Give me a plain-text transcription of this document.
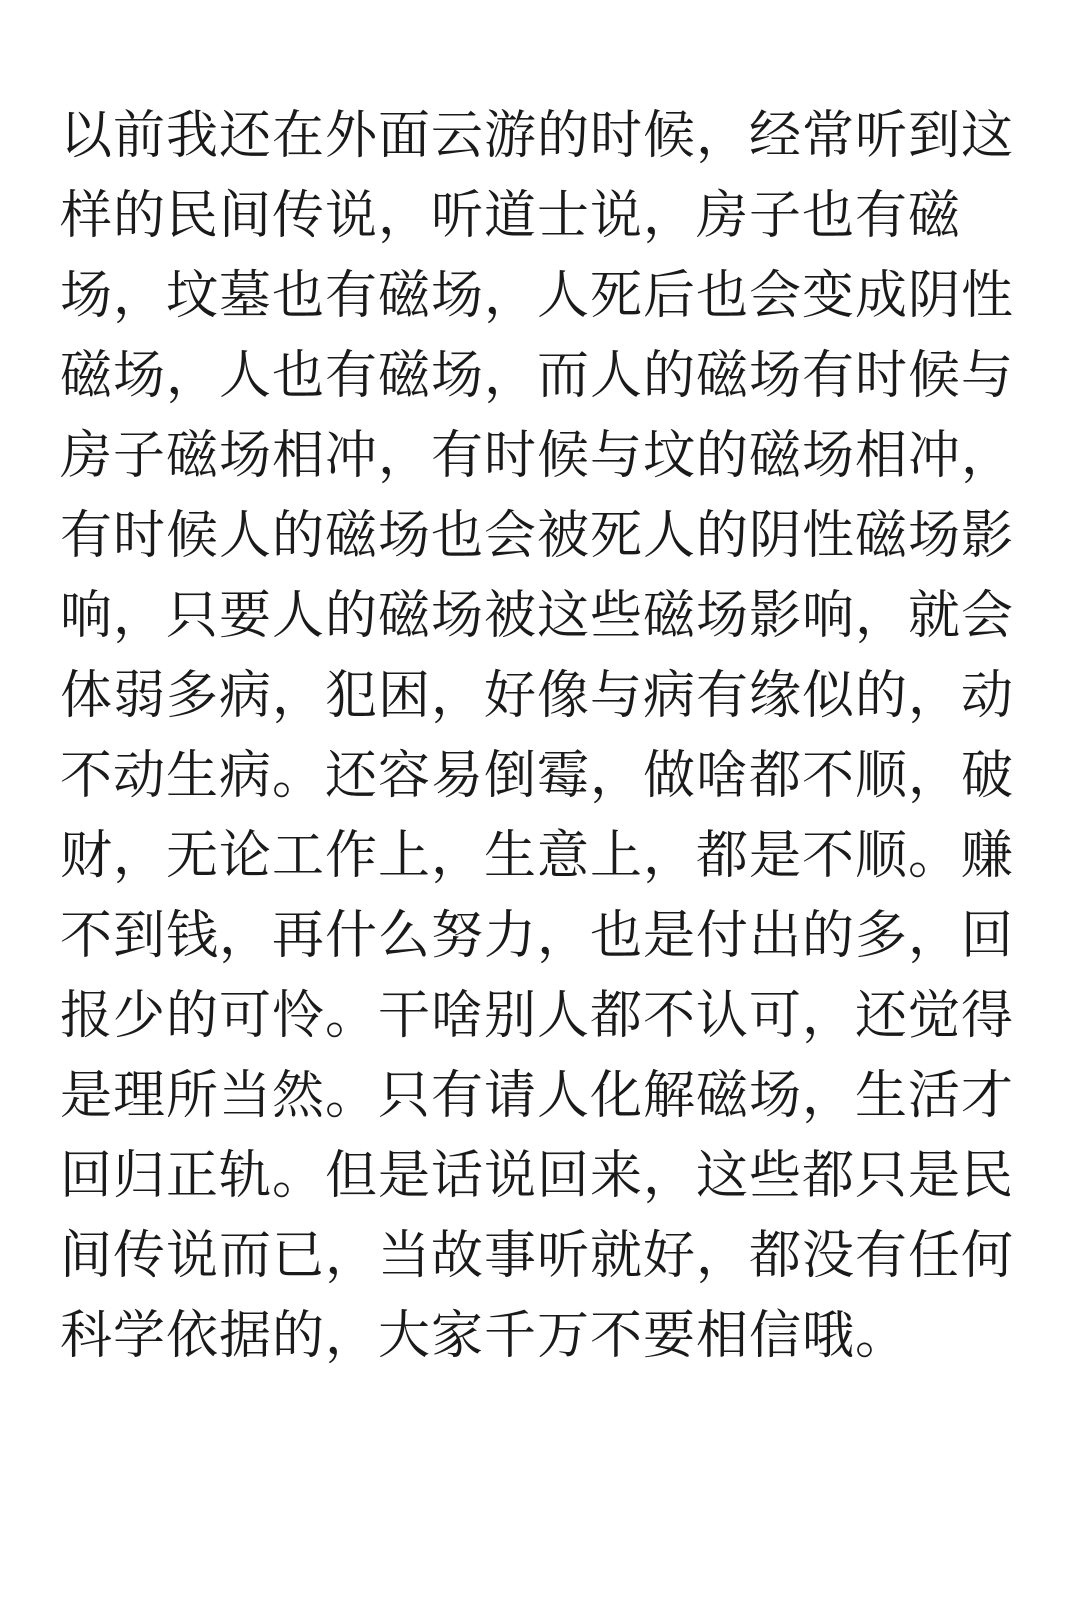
以前我还在外面云游的时候，经常听到这
样的民间传说，听道士说，房子也有磁
场，坟墓也有磁场，人死后也会变成阴性
磁场，人也有磁场，而人的磁场有时候与
房子磁场相冲，有时候与坟的磁场相冲，
有时候人的磁场也会被死人的阴性磁场影
响，只要人的磁场被这些磁场影响，就会
体弱多病，犯困，好像与病有缘似的，动
不动生病。还容易倒霉，做啥都不顺，破
财，无论工作上，生意上，都是不顺。赚
不到钱，再什么努力，也是付出的多，回
报少的可怜。干啥别人都不认可，还觉得
是理所当然。只有请人化解磁场，生活才
回归正轨。但是话说回来，这些都只是民
间传说而已，当故事听就好，都没有任何
科学依据的，大家千万不要相信哦。
